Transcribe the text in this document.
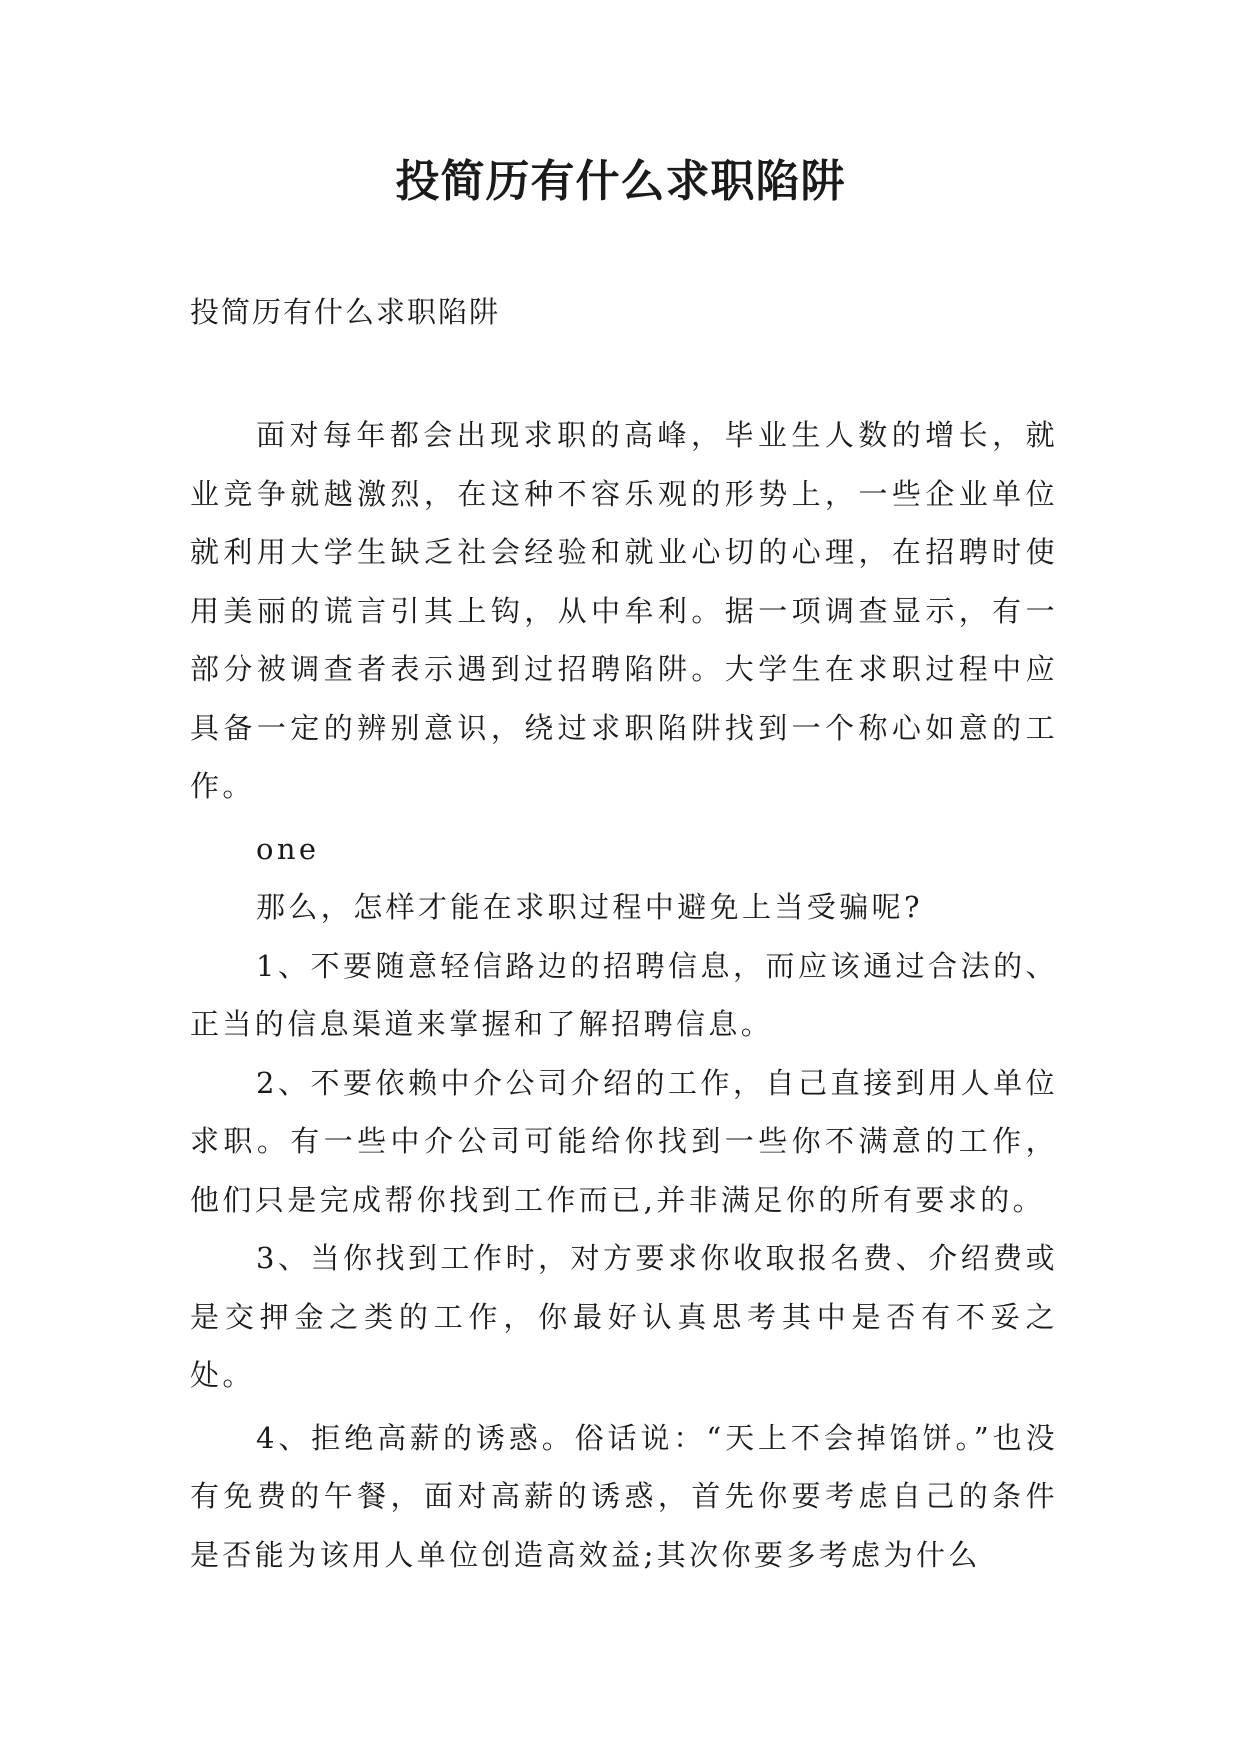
投简历有什么求职陷阱

投简历有什么求职陷阱

面对每年都会出现求职的高峰，毕业生人数的增长，就业竞争就越激烈，在这种不容乐观的形势上，一些企业单位就利用大学生缺乏社会经验和就业心切的心理，在招聘时使用美丽的谎言引其上钩，从中牟利。据一项调查显示，有一部分被调查者表示遇到过招聘陷阱。大学生在求职过程中应具备一定的辨别意识，绕过求职陷阱找到一个称心如意的工作。

one

那么，怎样才能在求职过程中避免上当受骗呢?

1、不要随意轻信路边的招聘信息，而应该通过合法的、正当的信息渠道来掌握和了解招聘信息。

2、不要依赖中介公司介绍的工作，自己直接到用人单位求职。有一些中介公司可能给你找到一些你不满意的工作，他们只是完成帮你找到工作而已,并非满足你的所有要求的。

3、当你找到工作时，对方要求你收取报名费、介绍费或是交押金之类的工作，你最好认真思考其中是否有不妥之处。

4、拒绝高薪的诱惑。俗话说：“天上不会掉馅饼。”也没有免费的午餐，面对高薪的诱惑，首先你要考虑自己的条件是否能为该用人单位创造高效益;其次你要多考虑为什么
